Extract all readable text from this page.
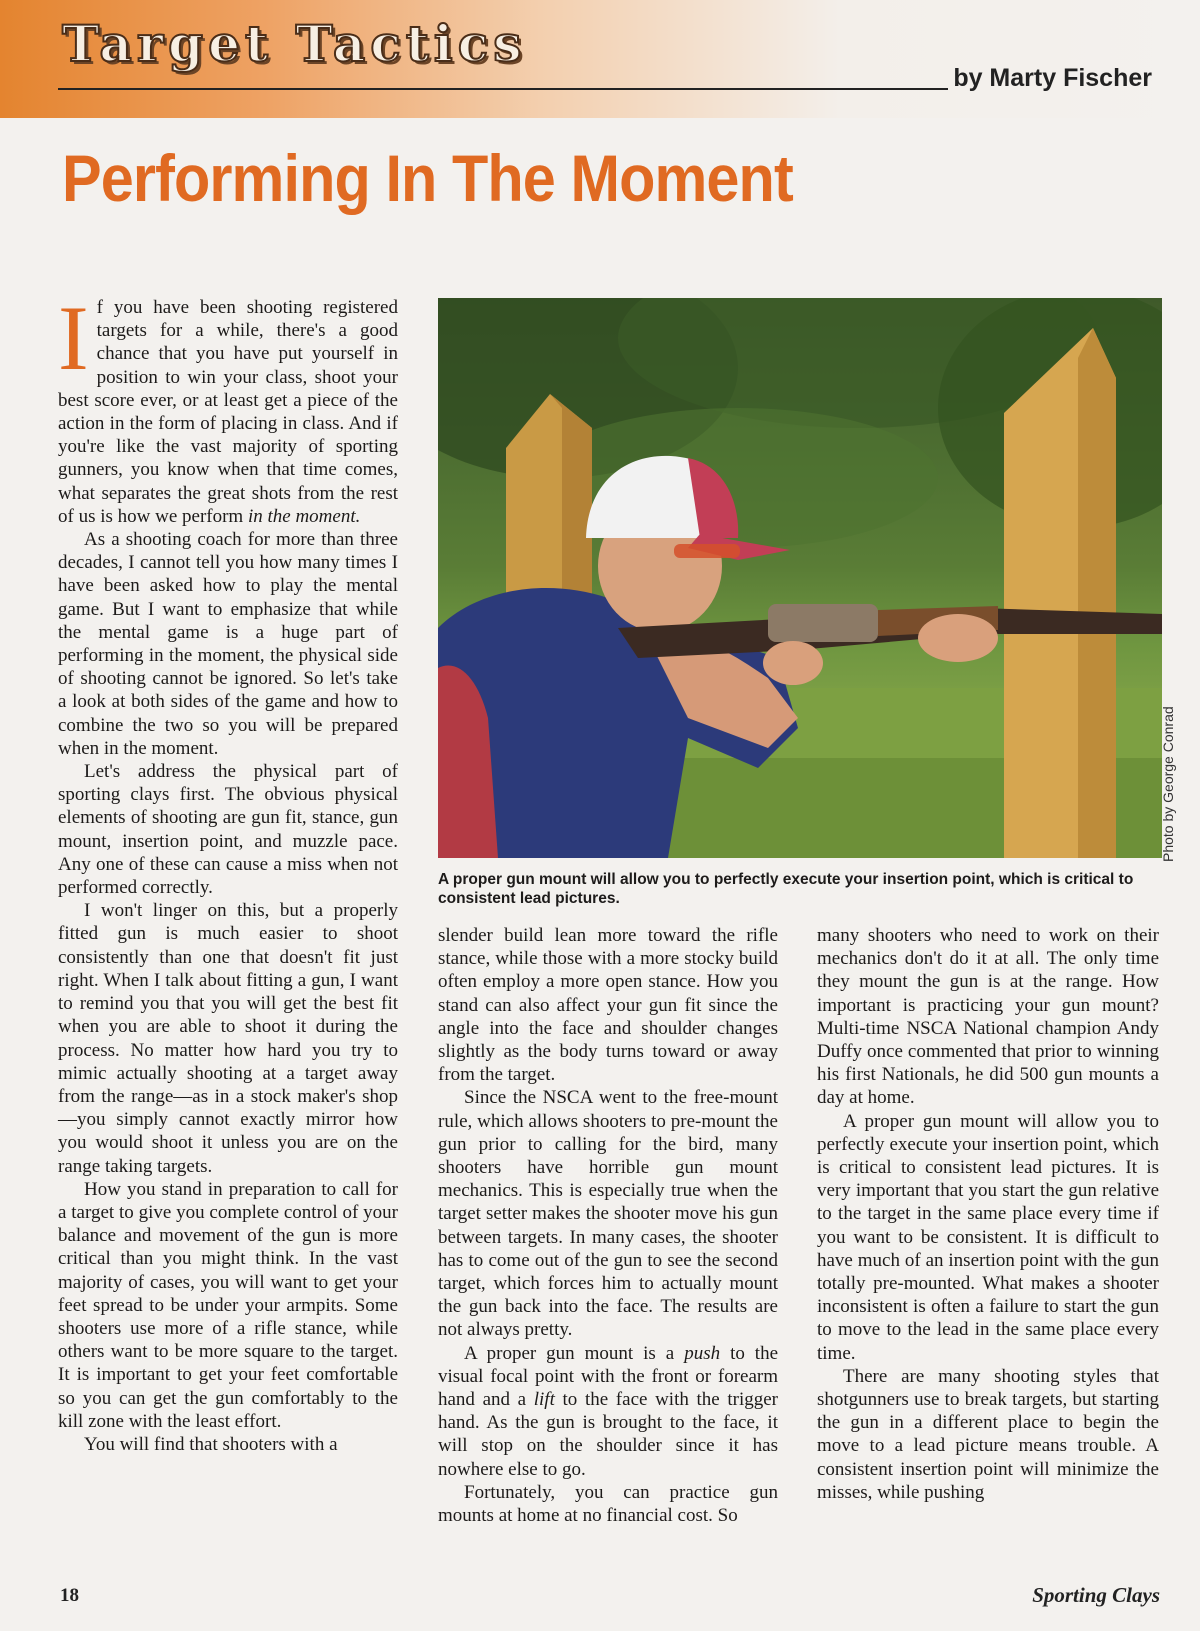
Target Tactics
by Marty Fischer
Performing In The Moment

If you have been shooting registered targets for a while, there's a good chance that you have put yourself in position to win your class, shoot your best score ever, or at least get a piece of the action in the form of placing in class. And if you're like the vast majority of sporting gunners, you know when that time comes, what separates the great shots from the rest of us is how we perform in the moment.

As a shooting coach for more than three decades, I cannot tell you how many times I have been asked how to play the mental game. But I want to emphasize that while the mental game is a huge part of performing in the moment, the physical side of shooting cannot be ignored. So let's take a look at both sides of the game and how to combine the two so you will be prepared when in the moment.

Let's address the physical part of sporting clays first. The obvious physical elements of shooting are gun fit, stance, gun mount, insertion point, and muzzle pace. Any one of these can cause a miss when not performed correctly.

I won't linger on this, but a properly fitted gun is much easier to shoot consistently than one that doesn't fit just right. When I talk about fitting a gun, I want to remind you that you will get the best fit when you are able to shoot it during the process. No matter how hard you try to mimic actually shooting at a target away from the range—as in a stock maker's shop—you simply cannot exactly mirror how you would shoot it unless you are on the range taking targets.

How you stand in preparation to call for a target to give you complete control of your balance and movement of the gun is more critical than you might think. In the vast majority of cases, you will want to get your feet spread to be under your armpits. Some shooters use more of a rifle stance, while others want to be more square to the target. It is important to get your feet comfortable so you can get the gun comfortably to the kill zone with the least effort.

You will find that shooters with a

A proper gun mount will allow you to perfectly execute your insertion point, which is critical to consistent lead pictures.

Photo by George Conrad

slender build lean more toward the rifle stance, while those with a more stocky build often employ a more open stance. How you stand can also affect your gun fit since the angle into the face and shoulder changes slightly as the body turns toward or away from the target.

Since the NSCA went to the free-mount rule, which allows shooters to pre-mount the gun prior to calling for the bird, many shooters have horrible gun mount mechanics. This is especially true when the target setter makes the shooter move his gun between targets. In many cases, the shooter has to come out of the gun to see the second target, which forces him to actually mount the gun back into the face. The results are not always pretty.

A proper gun mount is a push to the visual focal point with the front or forearm hand and a lift to the face with the trigger hand. As the gun is brought to the face, it will stop on the shoulder since it has nowhere else to go.

Fortunately, you can practice gun mounts at home at no financial cost. So

many shooters who need to work on their mechanics don't do it at all. The only time they mount the gun is at the range. How important is practicing your gun mount? Multi-time NSCA National champion Andy Duffy once commented that prior to winning his first Nationals, he did 500 gun mounts a day at home.

A proper gun mount will allow you to perfectly execute your insertion point, which is critical to consistent lead pictures. It is very important that you start the gun relative to the target in the same place every time if you want to be consistent. It is difficult to have much of an insertion point with the gun totally pre-mounted. What makes a shooter inconsistent is often a failure to start the gun to move to the lead in the same place every time.

There are many shooting styles that shotgunners use to break targets, but starting the gun in a different place to begin the move to a lead picture means trouble. A consistent insertion point will minimize the misses, while pushing

18	Sporting Clays
